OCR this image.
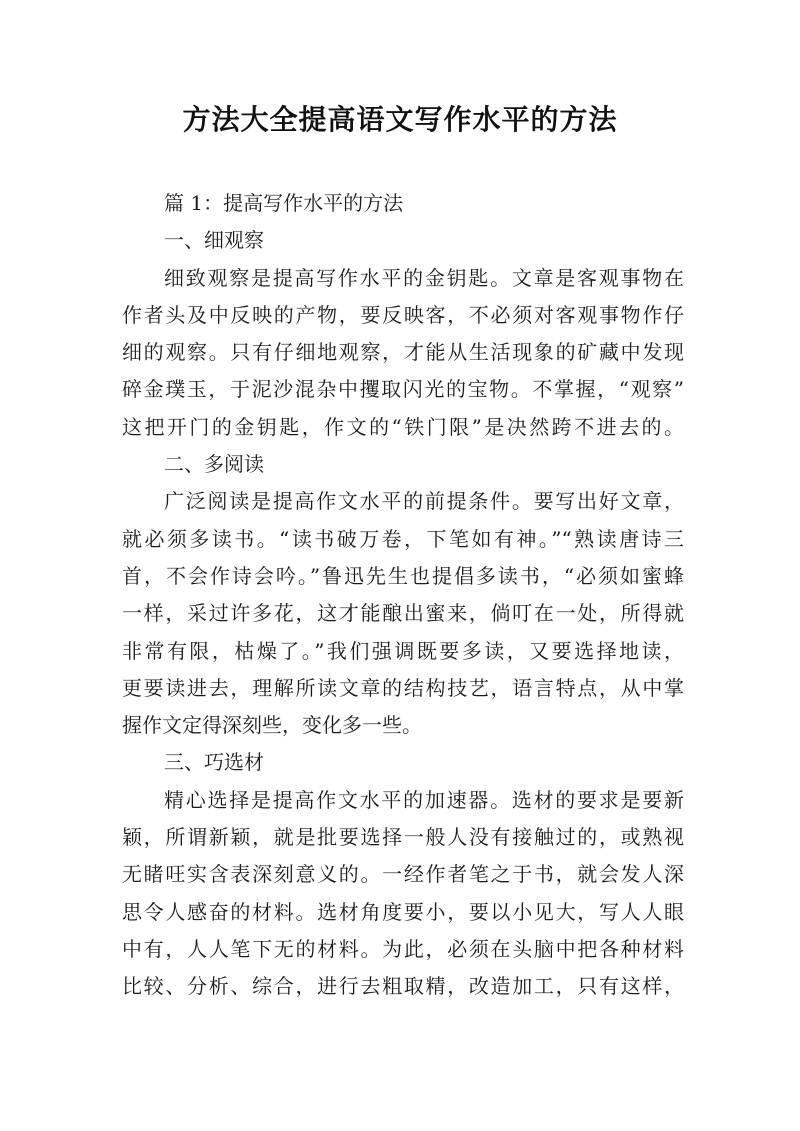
方法大全提高语文写作水平的方法
篇 1：提高写作水平的方法
一、细观察
细致观察是提高写作水平的金钥匙。文章是客观事物在
作者头及中反映的产物，要反映客，不必须对客观事物作仔
细的观察。只有仔细地观察，才能从生活现象的矿藏中发现
碎金璞玉，于泥沙混杂中攫取闪光的宝物。不掌握，“观察”
这把开门的金钥匙，作文的“铁门限”是决然跨不进去的。
二、多阅读
广泛阅读是提高作文水平的前提条件。要写出好文章，
就必须多读书。“读书破万卷，下笔如有神。”“熟读唐诗三
首，不会作诗会吟。”鲁迅先生也提倡多读书，“必须如蜜蜂
一样，采过许多花，这才能酿出蜜来，倘叮在一处，所得就
非常有限，枯燥了。”我们强调既要多读，又要选择地读，
更要读进去，理解所读文章的结构技艺，语言特点，从中掌
握作文定得深刻些，变化多一些。
三、巧选材
精心选择是提高作文水平的加速器。选材的要求是要新
颖，所谓新颖，就是批要选择一般人没有接触过的，或熟视
无睹㕵实含表深刻意义的。一经作者笔之于书，就会发人深
思令人感奋的材料。选材角度要小，要以小见大，写人人眼
中有，人人笔下无的材料。为此，必须在头脑中把各种材料
比较、分析、综合，进行去粗取精，改造加工，只有这样，
